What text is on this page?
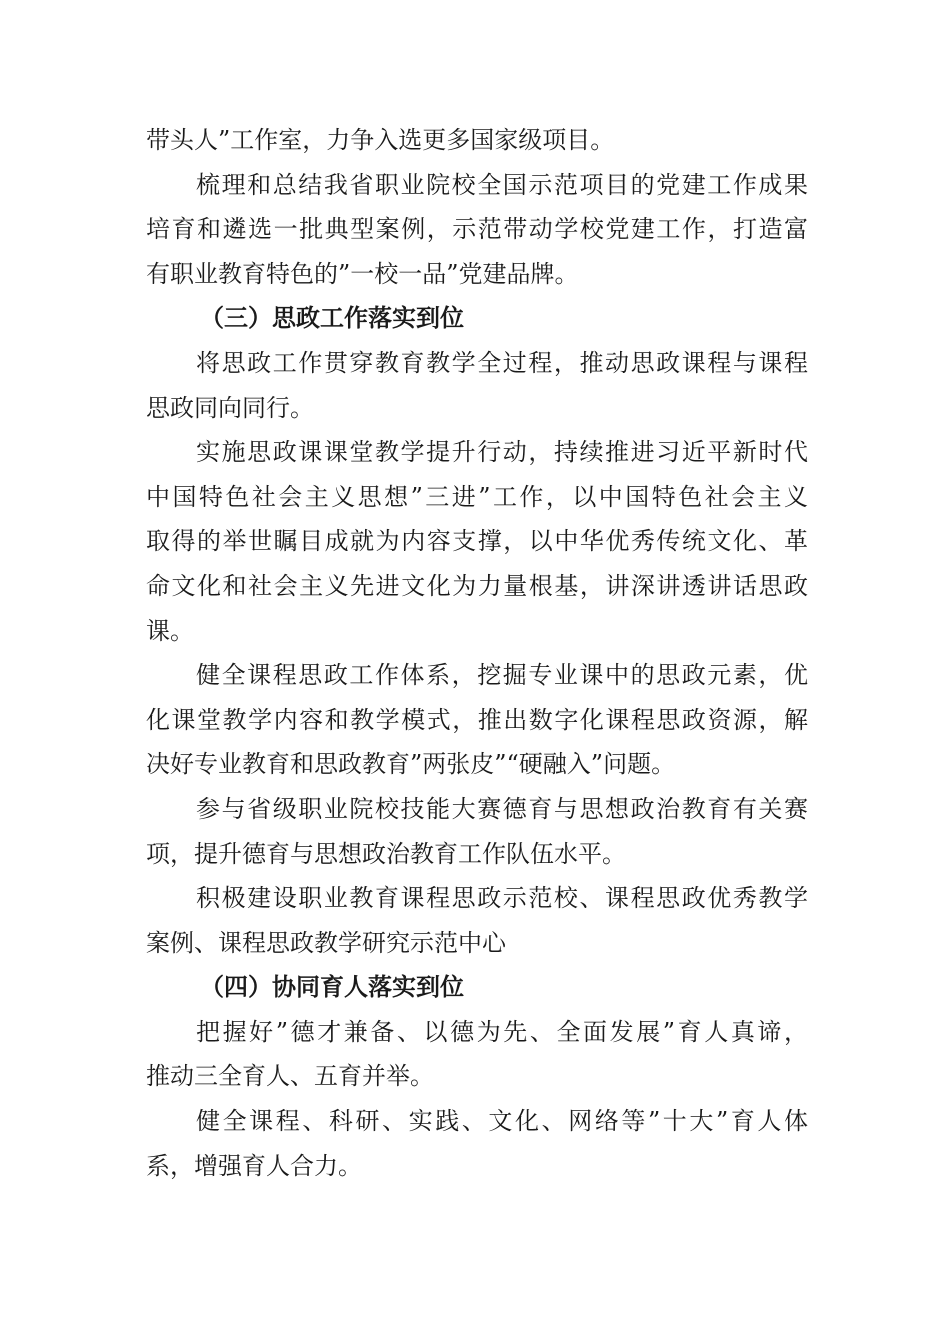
带头人”工作室，力争入选更多国家级项目。
梳理和总结我省职业院校全国示范项目的党建工作成果
培育和遴选一批典型案例，示范带动学校党建工作，打造富
有职业教育特色的”一校一品”党建品牌。
（三）思政工作落实到位
将思政工作贯穿教育教学全过程，推动思政课程与课程
思政同向同行。
实施思政课课堂教学提升行动，持续推进习近平新时代
中国特色社会主义思想”三进”工作，以中国特色社会主义
取得的举世瞩目成就为内容支撑，以中华优秀传统文化、革
命文化和社会主义先进文化为力量根基，讲深讲透讲话思政
课。
健全课程思政工作体系，挖掘专业课中的思政元素，优
化课堂教学内容和教学模式，推出数字化课程思政资源，解
决好专业教育和思政教育”两张皮”“硬融入”问题。
参与省级职业院校技能大赛德育与思想政治教育有关赛
项，提升德育与思想政治教育工作队伍水平。
积极建设职业教育课程思政示范校、课程思政优秀教学
案例、课程思政教学研究示范中心
（四）协同育人落实到位
把握好”德才兼备、以德为先、全面发展”育人真谛，
推动三全育人、五育并举。
健全课程、科研、实践、文化、网络等”十大”育人体
系，增强育人合力。
